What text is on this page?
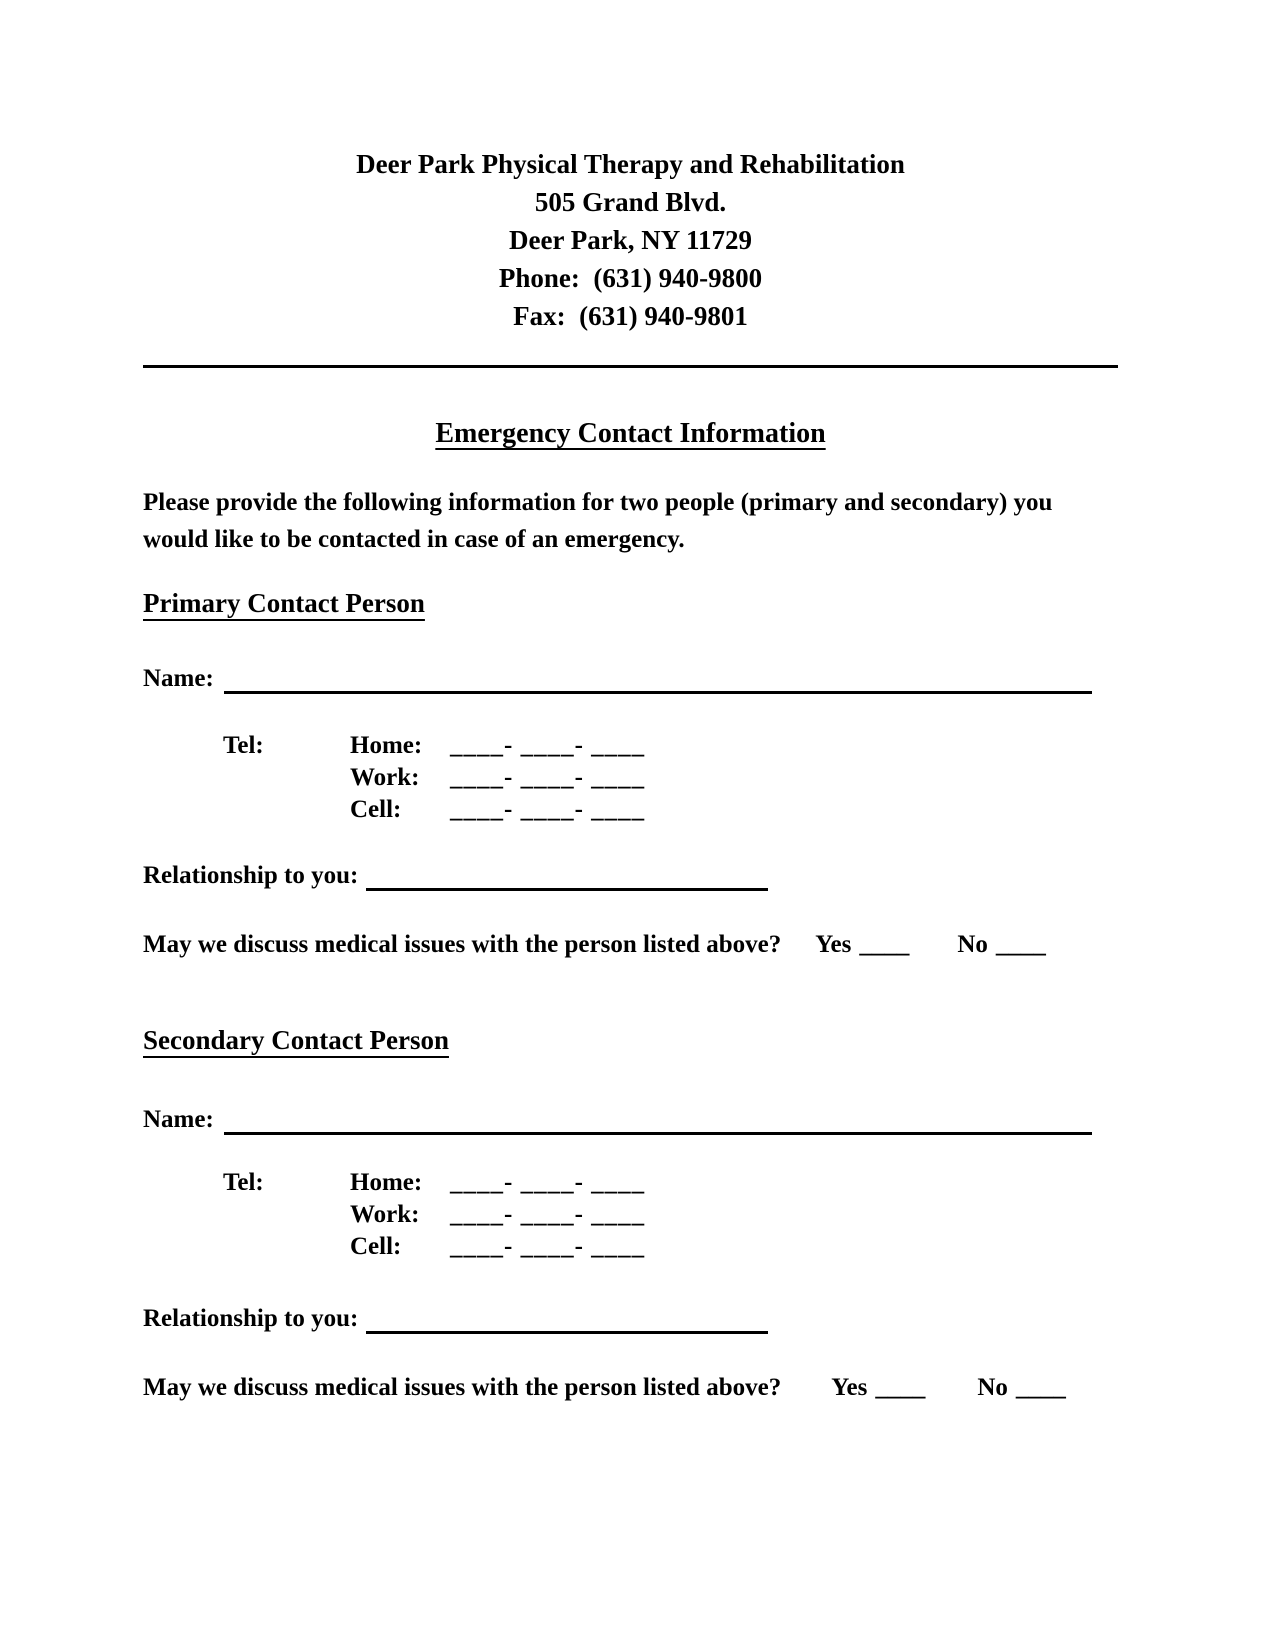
Deer Park Physical Therapy and Rehabilitation
505 Grand Blvd.
Deer Park, NY 11729
Phone:  (631) 940-9800
Fax:  (631) 940-9801
Emergency Contact Information
Please provide the following information for two people (primary and secondary) you
would like to be contacted in case of an emergency.
Primary Contact Person
Name:
Tel:	Home:	____- ____- ____
Work:	____- ____- ____
Cell:	____- ____- ____
Relationship to you:
May we discuss medical issues with the person listed above? Yes ____ No ____
Secondary Contact Person
Name:
Tel:	Home:	____- ____- ____
Work:	____- ____- ____
Cell:	____- ____- ____
Relationship to you:
May we discuss medical issues with the person listed above? Yes ____ No ____
